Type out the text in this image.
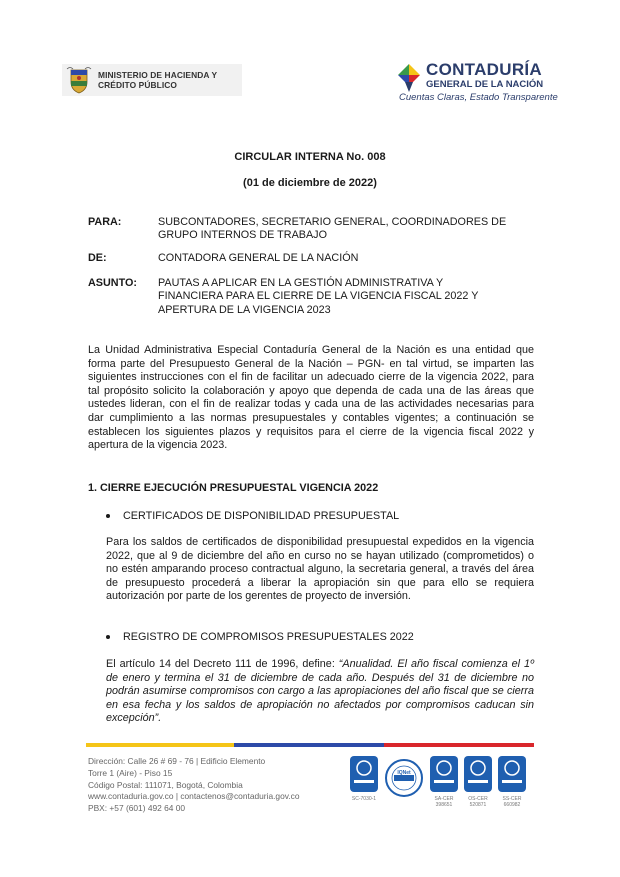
MINISTERIO DE HACIENDA Y
CRÉDITO PÚBLICO
CONTADURÍA
GENERAL DE LA NACIÓN
Cuentas Claras, Estado Transparente
CIRCULAR INTERNA No. 008
(01 de diciembre de 2022)
PARA:	SUBCONTADORES, SECRETARIO GENERAL, COORDINADORES DE
GRUPO INTERNOS DE TRABAJO
DE:	CONTADORA GENERAL DE LA NACIÓN
ASUNTO: PAUTAS A APLICAR EN LA GESTIÓN ADMINISTRATIVA Y
FINANCIERA PARA EL CIERRE DE LA VIGENCIA FISCAL 2022 Y
APERTURA DE LA VIGENCIA 2023
La Unidad Administrativa Especial Contaduría General de la Nación es una entidad que forma parte del Presupuesto General de la Nación – PGN- en tal virtud, se imparten las siguientes instrucciones con el fin de facilitar un adecuado cierre de la vigencia 2022, para tal propósito solicito la colaboración y apoyo que dependa de cada una de las áreas que ustedes lideran, con el fin de realizar todas y cada una de las actividades necesarias para dar cumplimiento a las normas presupuestales y contables vigentes; a continuación se establecen los siguientes plazos y requisitos para el cierre de la vigencia fiscal 2022 y apertura de la vigencia 2023.
1. CIERRE EJECUCIÓN PRESUPUESTAL VIGENCIA 2022
CERTIFICADOS DE DISPONIBILIDAD PRESUPUESTAL
Para los saldos de certificados de disponibilidad presupuestal expedidos en la vigencia 2022, que al 9 de diciembre del año en curso no se hayan utilizado (comprometidos) o no estén amparando proceso contractual alguno, la secretaria general, a través del área de presupuesto procederá a liberar la apropiación sin que para ello se requiera autorización por parte de los gerentes de proyecto de inversión.
REGISTRO DE COMPROMISOS PRESUPUESTALES 2022
El artículo 14 del Decreto 111 de 1996, define: “Anualidad. El año fiscal comienza el 1º de enero y termina el 31 de diciembre de cada año. Después del 31 de diciembre no podrán asumirse compromisos con cargo a las apropiaciones del año fiscal que se cierra en esa fecha y los saldos de apropiación no afectados por compromisos caducan sin excepción”.
Dirección: Calle 26 # 69 - 76 | Edificio Elemento
Torre 1 (Aire) - Piso 15
Código Postal: 111071, Bogotá, Colombia
www.contaduria.gov.co | contactenos@contaduria.gov.co
PBX: +57 (601) 492 64 00
SC-7030-1
IQNet
SA-CER 398651
OS-CER 520871
SS-CER 660982
